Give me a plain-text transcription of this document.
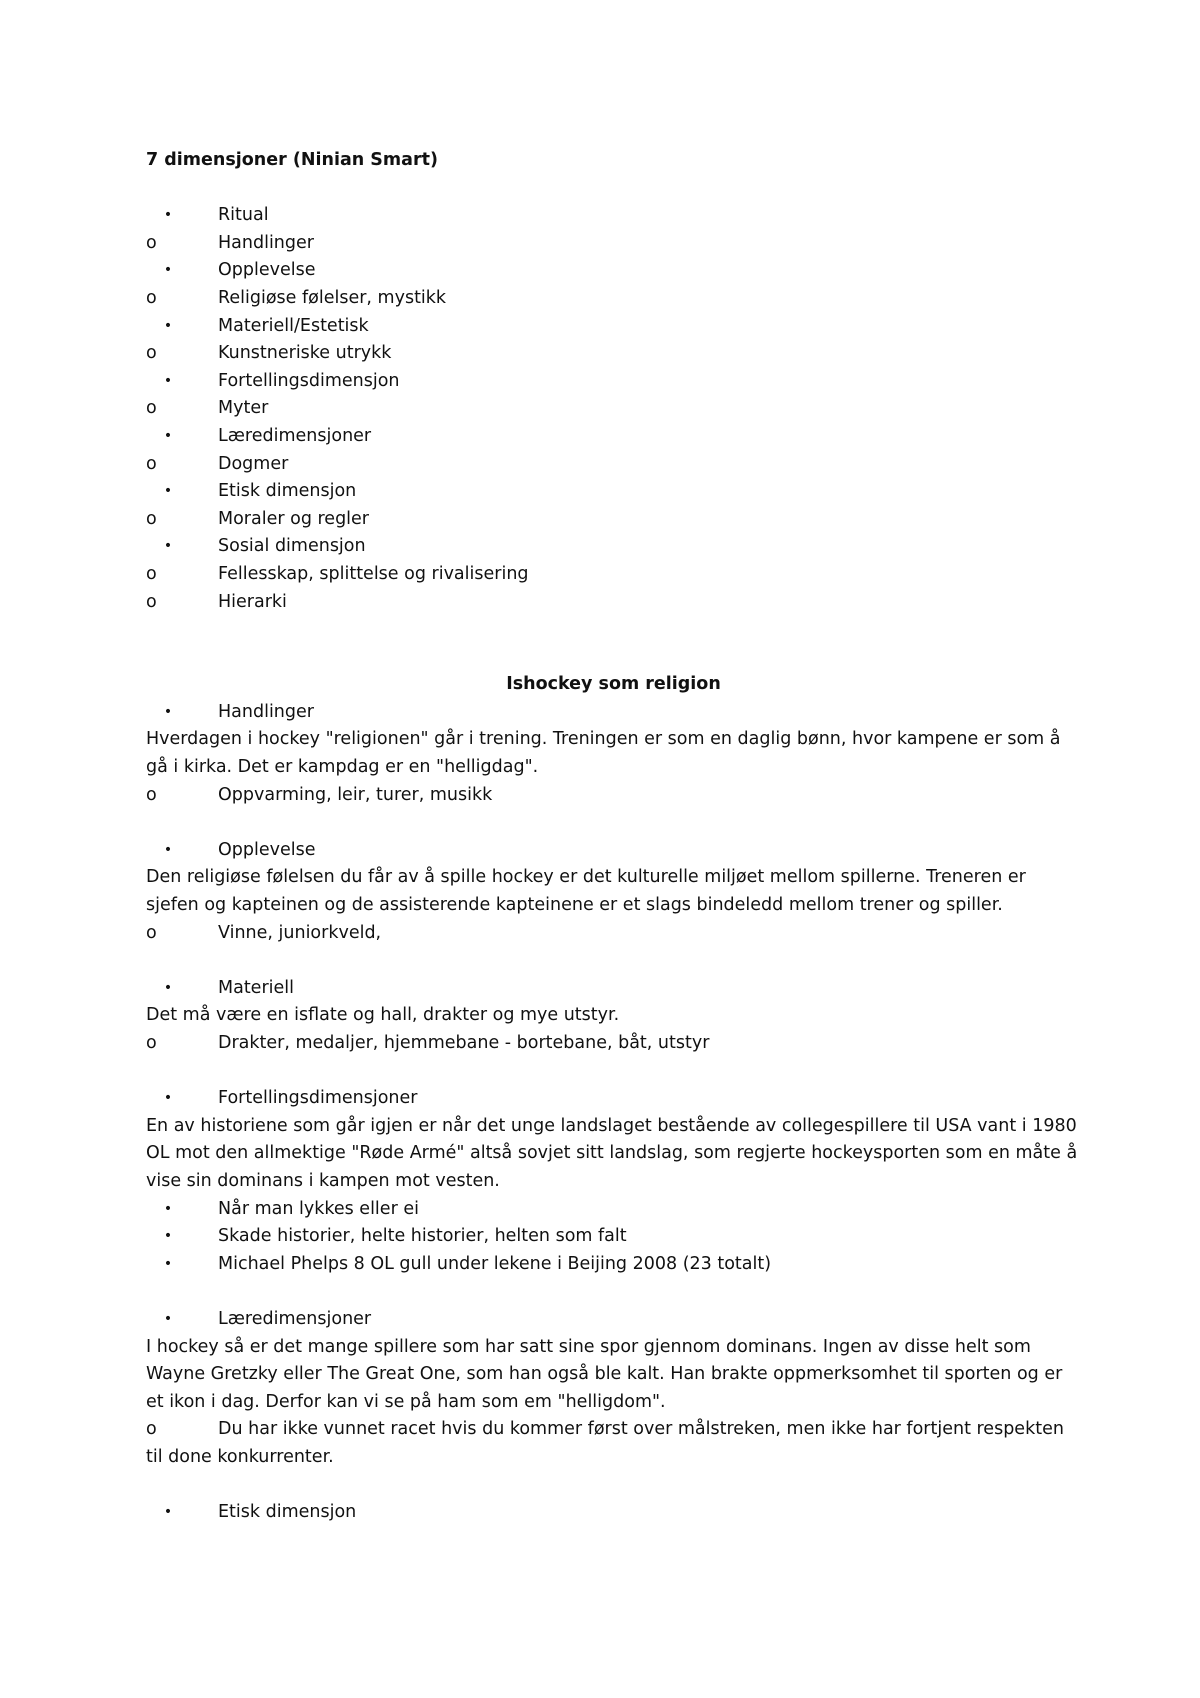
7 dimensjoner (Ninian Smart)
•	Ritual
o	Handlinger
•	Opplevelse
o	Religiøse følelser, mystikk
•	Materiell/Estetisk
o	Kunstneriske utrykk
•	Fortellingsdimensjon
o	Myter
•	Læredimensjoner
o	Dogmer
•	Etisk dimensjon
o	Moraler og regler
•	Sosial dimensjon
o	Fellesskap, splittelse og rivalisering
o	Hierarki
Ishockey som religion
•	Handlinger
Hverdagen i hockey "religionen" går i trening. Treningen er som en daglig bønn, hvor kampene er som å gå i kirka. Det er kampdag er en "helligdag".
o	Oppvarming, leir, turer, musikk
•	Opplevelse
Den religiøse følelsen du får av å spille hockey er det kulturelle miljøet mellom spillerne. Treneren er sjefen og kapteinen og de assisterende kapteinene er et slags bindeledd mellom trener og spiller.
o	Vinne, juniorkveld,
•	Materiell
Det må være en isflate og hall, drakter og mye utstyr.
o	Drakter, medaljer, hjemmebane - bortebane, båt, utstyr
•	Fortellingsdimensjoner
En av historiene som går igjen er når det unge landslaget bestående av collegespillere til USA vant i 1980 OL mot den allmektige "Røde Armé" altså sovjet sitt landslag, som regjerte hockeysporten som en måte å vise sin dominans i kampen mot vesten.
•	Når man lykkes eller ei
•	Skade historier, helte historier, helten som falt
•	Michael Phelps 8 OL gull under lekene i Beijing 2008 (23 totalt)
•	Læredimensjoner
I hockey så er det mange spillere som har satt sine spor gjennom dominans. Ingen av disse helt som Wayne Gretzky eller The Great One, som han også ble kalt. Han brakte oppmerksomhet til sporten og er et ikon i dag. Derfor kan vi se på ham som em "helligdom".
o	Du har ikke vunnet racet hvis du kommer først over målstreken, men ikke har fortjent respekten til done konkurrenter.
•	Etisk dimensjon
